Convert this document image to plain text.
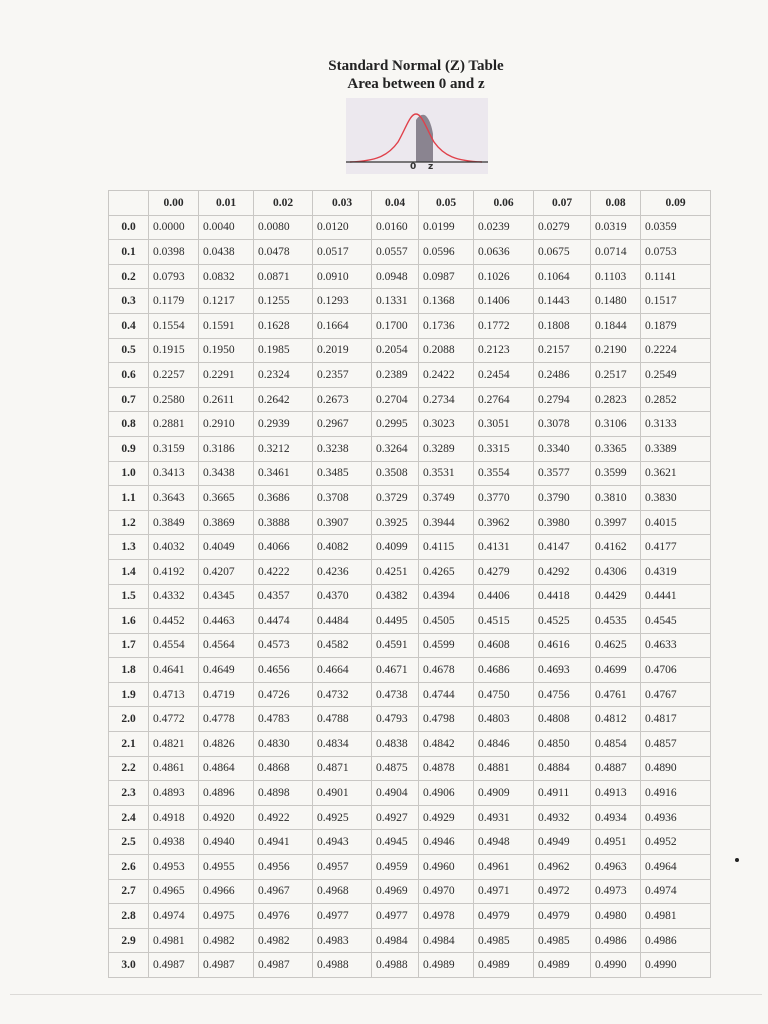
Standard Normal (Z) Table
Area between 0 and z
0 z
	0.00	0.01	0.02	0.03	0.04	0.05	0.06	0.07	0.08	0.09
0.0	0.0000	0.0040	0.0080	0.0120	0.0160	0.0199	0.0239	0.0279	0.0319	0.0359
0.1	0.0398	0.0438	0.0478	0.0517	0.0557	0.0596	0.0636	0.0675	0.0714	0.0753
0.2	0.0793	0.0832	0.0871	0.0910	0.0948	0.0987	0.1026	0.1064	0.1103	0.1141
0.3	0.1179	0.1217	0.1255	0.1293	0.1331	0.1368	0.1406	0.1443	0.1480	0.1517
0.4	0.1554	0.1591	0.1628	0.1664	0.1700	0.1736	0.1772	0.1808	0.1844	0.1879
0.5	0.1915	0.1950	0.1985	0.2019	0.2054	0.2088	0.2123	0.2157	0.2190	0.2224
0.6	0.2257	0.2291	0.2324	0.2357	0.2389	0.2422	0.2454	0.2486	0.2517	0.2549
0.7	0.2580	0.2611	0.2642	0.2673	0.2704	0.2734	0.2764	0.2794	0.2823	0.2852
0.8	0.2881	0.2910	0.2939	0.2967	0.2995	0.3023	0.3051	0.3078	0.3106	0.3133
0.9	0.3159	0.3186	0.3212	0.3238	0.3264	0.3289	0.3315	0.3340	0.3365	0.3389
1.0	0.3413	0.3438	0.3461	0.3485	0.3508	0.3531	0.3554	0.3577	0.3599	0.3621
1.1	0.3643	0.3665	0.3686	0.3708	0.3729	0.3749	0.3770	0.3790	0.3810	0.3830
1.2	0.3849	0.3869	0.3888	0.3907	0.3925	0.3944	0.3962	0.3980	0.3997	0.4015
1.3	0.4032	0.4049	0.4066	0.4082	0.4099	0.4115	0.4131	0.4147	0.4162	0.4177
1.4	0.4192	0.4207	0.4222	0.4236	0.4251	0.4265	0.4279	0.4292	0.4306	0.4319
1.5	0.4332	0.4345	0.4357	0.4370	0.4382	0.4394	0.4406	0.4418	0.4429	0.4441
1.6	0.4452	0.4463	0.4474	0.4484	0.4495	0.4505	0.4515	0.4525	0.4535	0.4545
1.7	0.4554	0.4564	0.4573	0.4582	0.4591	0.4599	0.4608	0.4616	0.4625	0.4633
1.8	0.4641	0.4649	0.4656	0.4664	0.4671	0.4678	0.4686	0.4693	0.4699	0.4706
1.9	0.4713	0.4719	0.4726	0.4732	0.4738	0.4744	0.4750	0.4756	0.4761	0.4767
2.0	0.4772	0.4778	0.4783	0.4788	0.4793	0.4798	0.4803	0.4808	0.4812	0.4817
2.1	0.4821	0.4826	0.4830	0.4834	0.4838	0.4842	0.4846	0.4850	0.4854	0.4857
2.2	0.4861	0.4864	0.4868	0.4871	0.4875	0.4878	0.4881	0.4884	0.4887	0.4890
2.3	0.4893	0.4896	0.4898	0.4901	0.4904	0.4906	0.4909	0.4911	0.4913	0.4916
2.4	0.4918	0.4920	0.4922	0.4925	0.4927	0.4929	0.4931	0.4932	0.4934	0.4936
2.5	0.4938	0.4940	0.4941	0.4943	0.4945	0.4946	0.4948	0.4949	0.4951	0.4952
2.6	0.4953	0.4955	0.4956	0.4957	0.4959	0.4960	0.4961	0.4962	0.4963	0.4964
2.7	0.4965	0.4966	0.4967	0.4968	0.4969	0.4970	0.4971	0.4972	0.4973	0.4974
2.8	0.4974	0.4975	0.4976	0.4977	0.4977	0.4978	0.4979	0.4979	0.4980	0.4981
2.9	0.4981	0.4982	0.4982	0.4983	0.4984	0.4984	0.4985	0.4985	0.4986	0.4986
3.0	0.4987	0.4987	0.4987	0.4988	0.4988	0.4989	0.4989	0.4989	0.4990	0.4990
